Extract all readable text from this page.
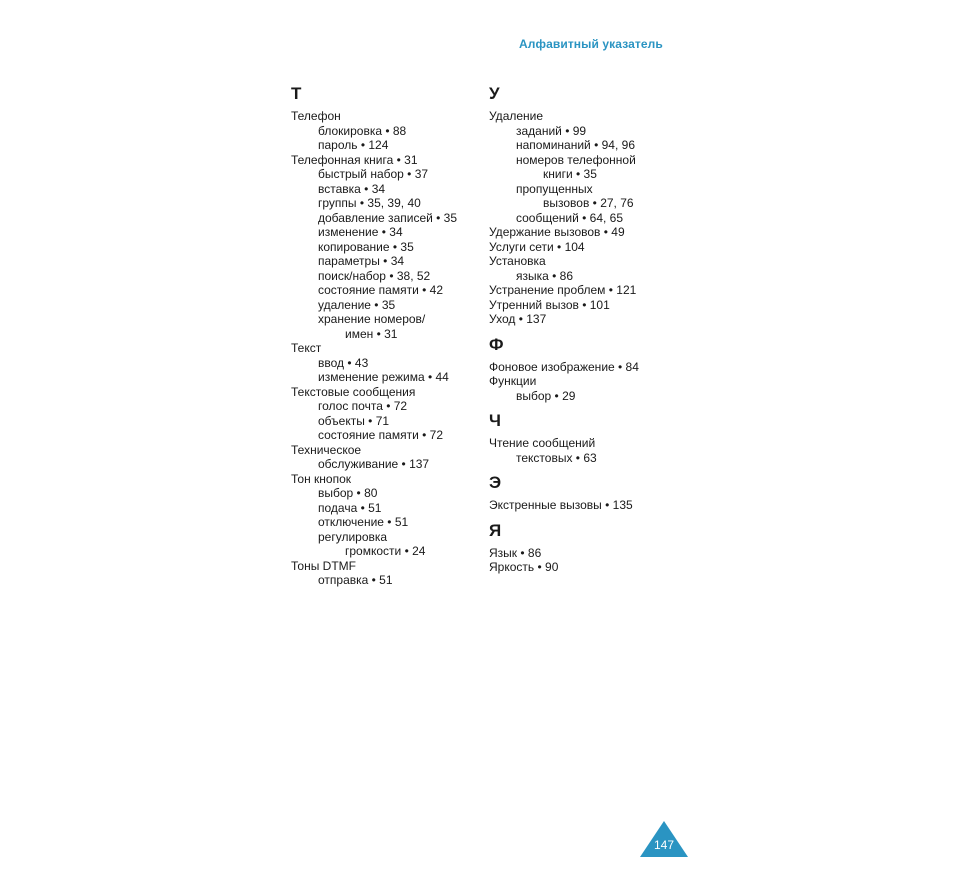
Алфавитный указатель
Т
Телефон
блокировка • 88
пароль • 124
Телефонная книга • 31
быстрый набор • 37
вставка • 34
группы • 35, 39, 40
добавление записей • 35
изменение • 34
копирование • 35
параметры • 34
поиск/набор • 38, 52
состояние памяти • 42
удаление • 35
хранение номеров/
имен • 31
Текст
ввод • 43
изменение режима • 44
Текстовые сообщения
голос почта • 72
объекты • 71
состояние памяти • 72
Техническое
обслуживание • 137
Тон кнопок
выбор • 80
подача • 51
отключение • 51
регулировка
громкости • 24
Тоны DTMF
отправка • 51
У
Удаление
заданий • 99
напоминаний • 94, 96
номеров телефонной
книги • 35
пропущенных
вызовов • 27, 76
сообщений • 64, 65
Удержание вызовов • 49
Услуги сети • 104
Установка
языка • 86
Устранение проблем • 121
Утренний вызов • 101
Уход • 137
Ф
Фоновое изображение • 84
Функции
выбор • 29
Ч
Чтение сообщений
текстовых • 63
Э
Экстренные вызовы • 135
Я
Язык • 86
Яркость • 90
147
